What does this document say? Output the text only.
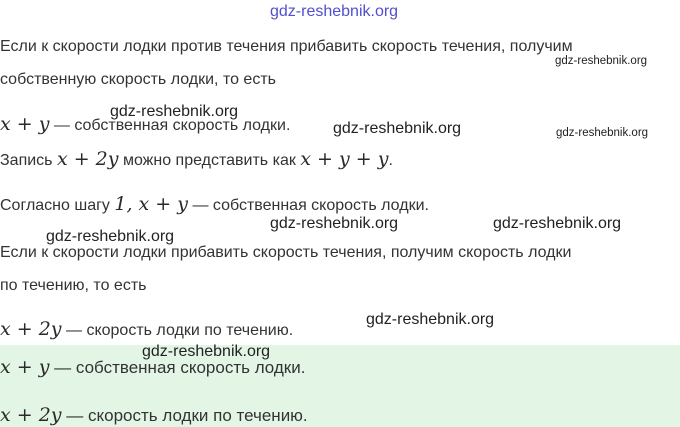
gdz-reshebnik.org
Если к скорости лодки против течения прибавить скорость течения, получим
собственную скорость лодки, то есть
x + y — собственная скорость лодки.
Запись x + 2y можно представить как x + y + y.
Согласно шагу 1, x + y — собственная скорость лодки.
Если к скорости лодки прибавить скорость течения, получим скорость лодки
по течению, то есть
x + 2y — скорость лодки по течению.
x + y — собственная скорость лодки.
x + 2y — скорость лодки по течению.
gdz-reshebnik.org
gdz-reshebnik.org
gdz-reshebnik.org	gdz-reshebnik.org
gdz-reshebnik.org	gdz-reshebnik.org
gdz-reshebnik.org
gdz-reshebnik.org
gdz-reshebnik.org
